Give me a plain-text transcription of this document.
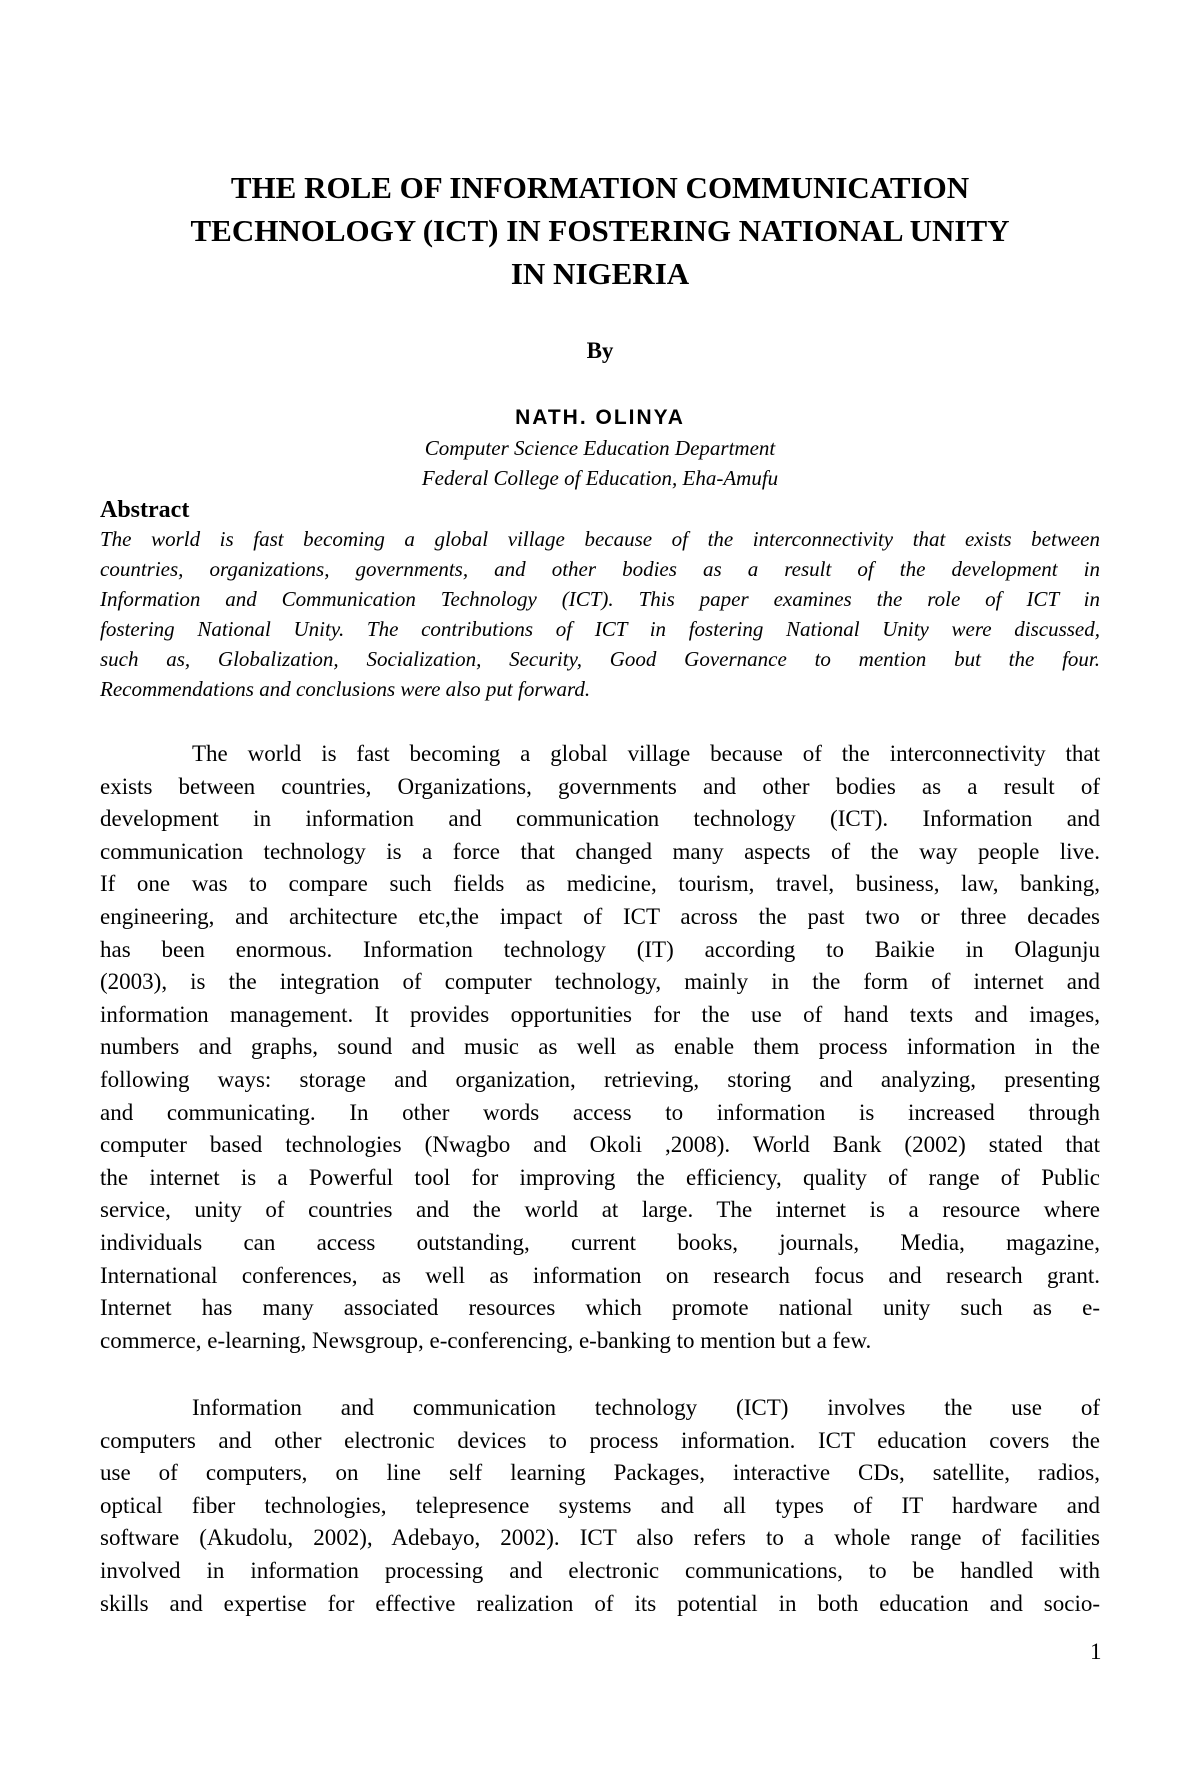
THE ROLE OF INFORMATION COMMUNICATION
TECHNOLOGY (ICT) IN FOSTERING NATIONAL UNITY
IN NIGERIA
By
NATH. OLINYA
Computer Science Education Department
Federal College of Education, Eha-Amufu
Abstract
The world is fast becoming a global village because of the interconnectivity that exists between
countries, organizations, governments, and other bodies as a result of the development in
Information and Communication Technology (ICT). This paper examines the role of ICT in
fostering National Unity. The contributions of ICT in fostering National Unity were discussed,
such as, Globalization, Socialization, Security, Good Governance to mention but the four.
Recommendations and conclusions were also put forward.
The world is fast becoming a global village because of the interconnectivity that
exists between countries, Organizations, governments and other bodies as a result of
development in information and communication technology (ICT). Information and
communication technology is a force that changed many aspects of the way people live.
If one was to compare such fields as medicine, tourism, travel, business, law, banking,
engineering, and architecture etc,the impact of ICT across the past two or three decades
has been enormous. Information technology (IT) according to Baikie in Olagunju
(2003), is the integration of computer technology, mainly in the form of internet and
information management. It provides opportunities for the use of hand texts and images,
numbers and graphs, sound and music as well as enable them process information in the
following ways: storage and organization, retrieving, storing and analyzing, presenting
and communicating. In other words access to information is increased through
computer based technologies (Nwagbo and Okoli ,2008). World Bank (2002) stated that
the internet is a Powerful tool for improving the efficiency, quality of range of Public
service, unity of countries and the world at large. The internet is a resource where
individuals can access outstanding, current books, journals, Media, magazine,
International conferences, as well as information on research focus and research grant.
Internet has many associated resources which promote national unity such as e-
commerce, e-learning, Newsgroup, e-conferencing, e-banking to mention but a few.
Information and communication technology (ICT) involves the use of
computers and other electronic devices to process information. ICT education covers the
use of computers, on line self learning Packages, interactive CDs, satellite, radios,
optical fiber technologies, telepresence systems and all types of IT hardware and
software (Akudolu, 2002), Adebayo, 2002). ICT also refers to a whole range of facilities
involved in information processing and electronic communications, to be handled with
skills and expertise for effective realization of its potential in both education and socio-
1
